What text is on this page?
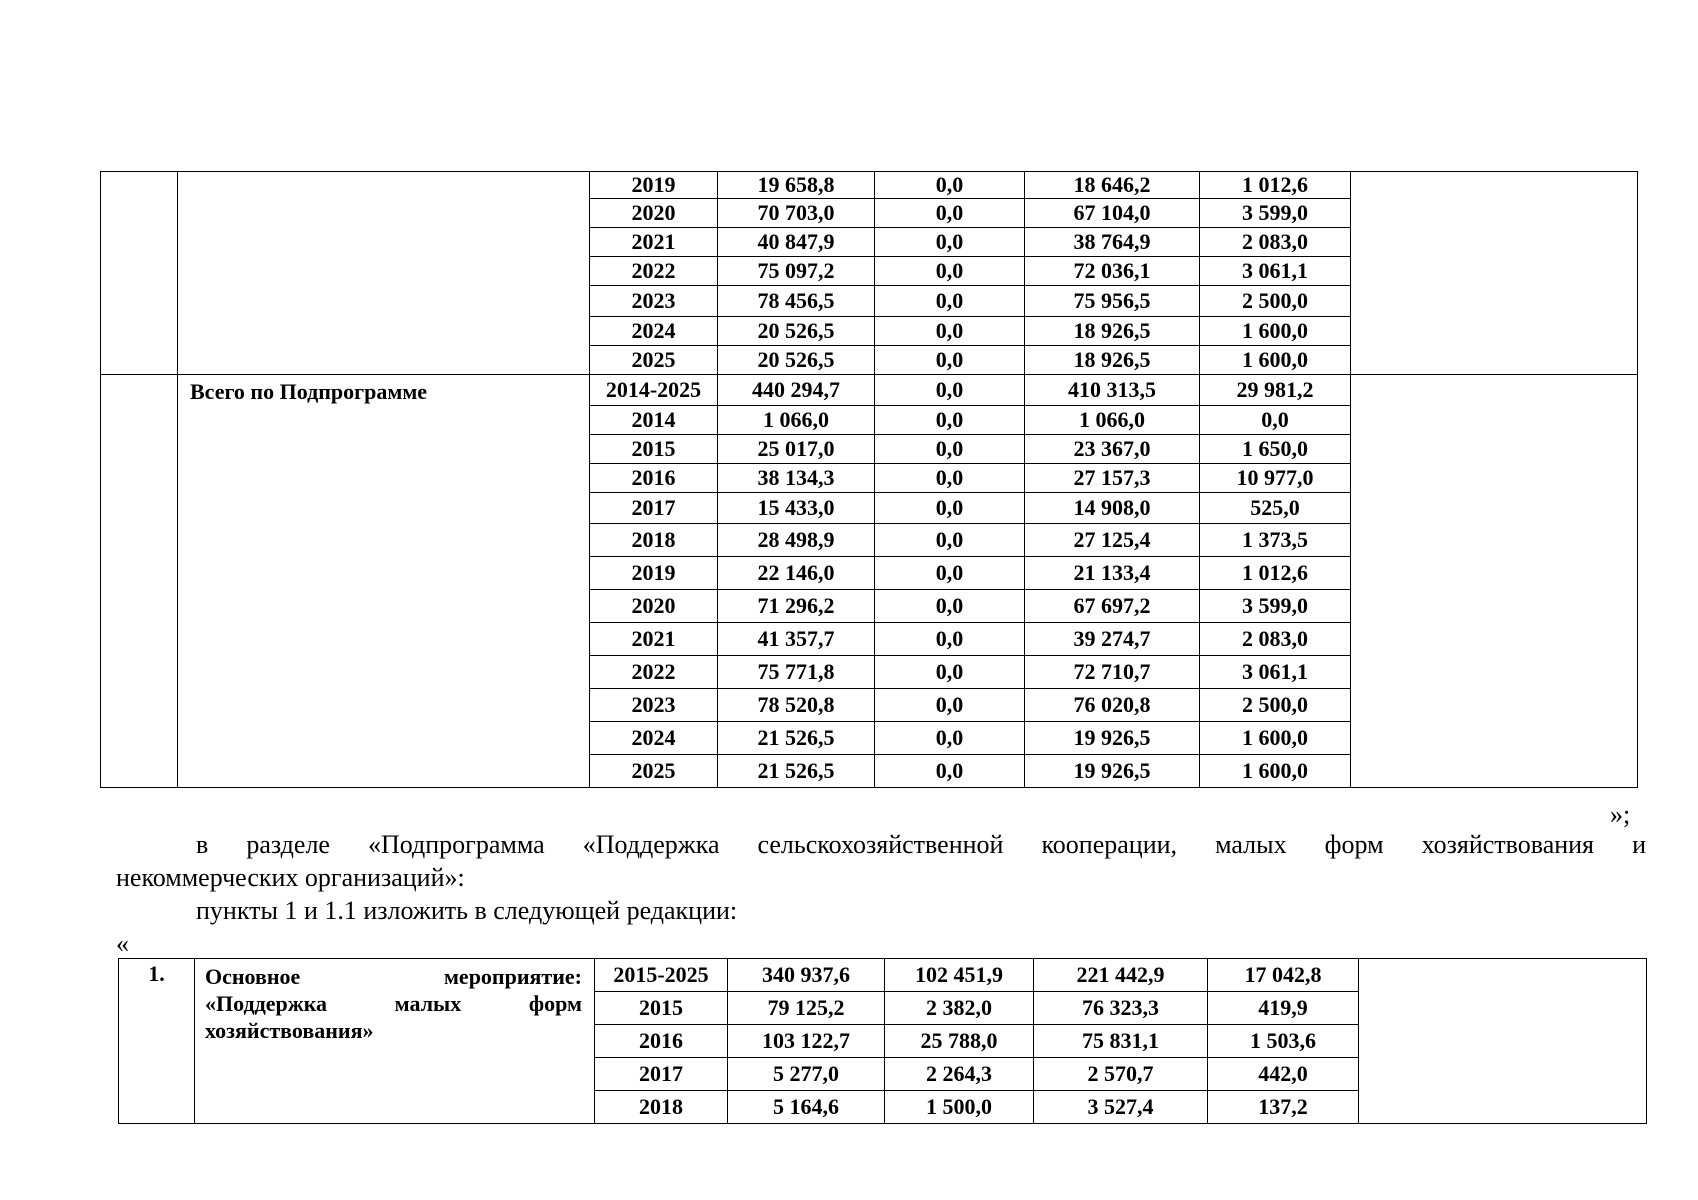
		2019	19 658,8	0,0	18 646,2	1 012,6	
		2020	70 703,0	0,0	67 104,0	3 599,0	
		2021	40 847,9	0,0	38 764,9	2 083,0	
		2022	75 097,2	0,0	72 036,1	3 061,1	
		2023	78 456,5	0,0	75 956,5	2 500,0	
		2024	20 526,5	0,0	18 926,5	1 600,0	
		2025	20 526,5	0,0	18 926,5	1 600,0	

	Всего по Подпрограмме	2014-2025	440 294,7	0,0	410 313,5	29 981,2	
		2014	1 066,0	0,0	1 066,0	0,0	
		2015	25 017,0	0,0	23 367,0	1 650,0	
		2016	38 134,3	0,0	27 157,3	10 977,0	
		2017	15 433,0	0,0	14 908,0	525,0	
		2018	28 498,9	0,0	27 125,4	1 373,5	
		2019	22 146,0	0,0	21 133,4	1 012,6	
		2020	71 296,2	0,0	67 697,2	3 599,0	
		2021	41 357,7	0,0	39 274,7	2 083,0	
		2022	75 771,8	0,0	72 710,7	3 061,1	
		2023	78 520,8	0,0	76 020,8	2 500,0	
		2024	21 526,5	0,0	19 926,5	1 600,0	
		2025	21 526,5	0,0	19 926,5	1 600,0	
»;
в разделе «Подпрограмма «Поддержка сельскохозяйственной кооперации, малых форм хозяйствования и
некоммерческих организаций»:
пункты 1 и 1.1 изложить в следующей редакции:
«
1.	Основное мероприятие:
«Поддержка малых форм
хозяйствования»	2015-2025	340 937,6	102 451,9	221 442,9	17 042,8	
		2015	79 125,2	2 382,0	76 323,3	419,9	
		2016	103 122,7	25 788,0	75 831,1	1 503,6	
		2017	5 277,0	2 264,3	2 570,7	442,0	
		2018	5 164,6	1 500,0	3 527,4	137,2	
